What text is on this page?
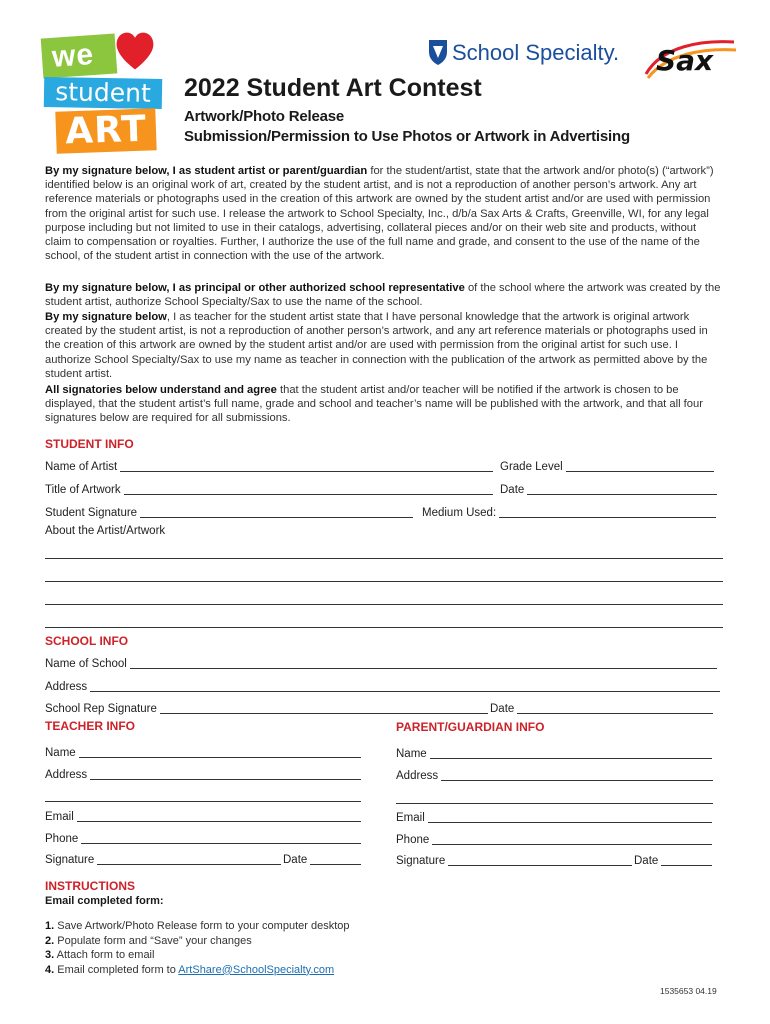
we
student
ART
School Specialty. Sax
2022 Student Art Contest
Artwork/Photo Release
Submission/Permission to Use Photos or Artwork in Advertising
By my signature below, I as student artist or parent/guardian for the student/artist, state that the artwork and/or photo(s) (“artwork”) identified below is an original work of art, created by the student artist, and is not a reproduction of another person’s artwork. Any art reference materials or photographs used in the creation of this artwork are owned by the student artist and/or are used with permission from the original artist for such use. I release the artwork to School Specialty, Inc., d/b/a Sax Arts & Crafts, Greenville, WI, for any legal purpose including but not limited to use in their catalogs, advertising, collateral pieces and/or on their web site and products, without claim to compensation or royalties. Further, I authorize the use of the full name and grade, and consent to the use of the name of the school, of the student artist in connection with the use of the artwork.
By my signature below, I as principal or other authorized school representative of the school where the artwork was created by the student artist, authorize School Specialty/Sax to use the name of the school.
By my signature below, I as teacher for the student artist state that I have personal knowledge that the artwork is original artwork created by the student artist, is not a reproduction of another person’s artwork, and any art reference materials or photographs used in the creation of this artwork are owned by the student artist and/or are used with permission from the original artist for such use. I authorize School Specialty/Sax to use my name as teacher in connection with the publication of the artwork as permitted above by the student artist.
All signatories below understand and agree that the student artist and/or teacher will be notified if the artwork is chosen to be displayed, that the student artist’s full name, grade and school and teacher’s name will be published with the artwork, and that all four signatures below are required for all submissions.
STUDENT INFO
Name of Artist	Grade Level
Title of Artwork	Date
Student Signature	Medium Used:
About the Artist/Artwork
SCHOOL INFO
Name of School
Address
School Rep Signature	Date
TEACHER INFO
Name
Address
Email
Phone
Signature	Date
PARENT/GUARDIAN INFO
Name
Address
Email
Phone
Signature	Date
INSTRUCTIONS
Email completed form:
1. Save Artwork/Photo Release form to your computer desktop
2. Populate form and “Save” your changes
3. Attach form to email
4. Email completed form to ArtShare@SchoolSpecialty.com
1535653 04.19
